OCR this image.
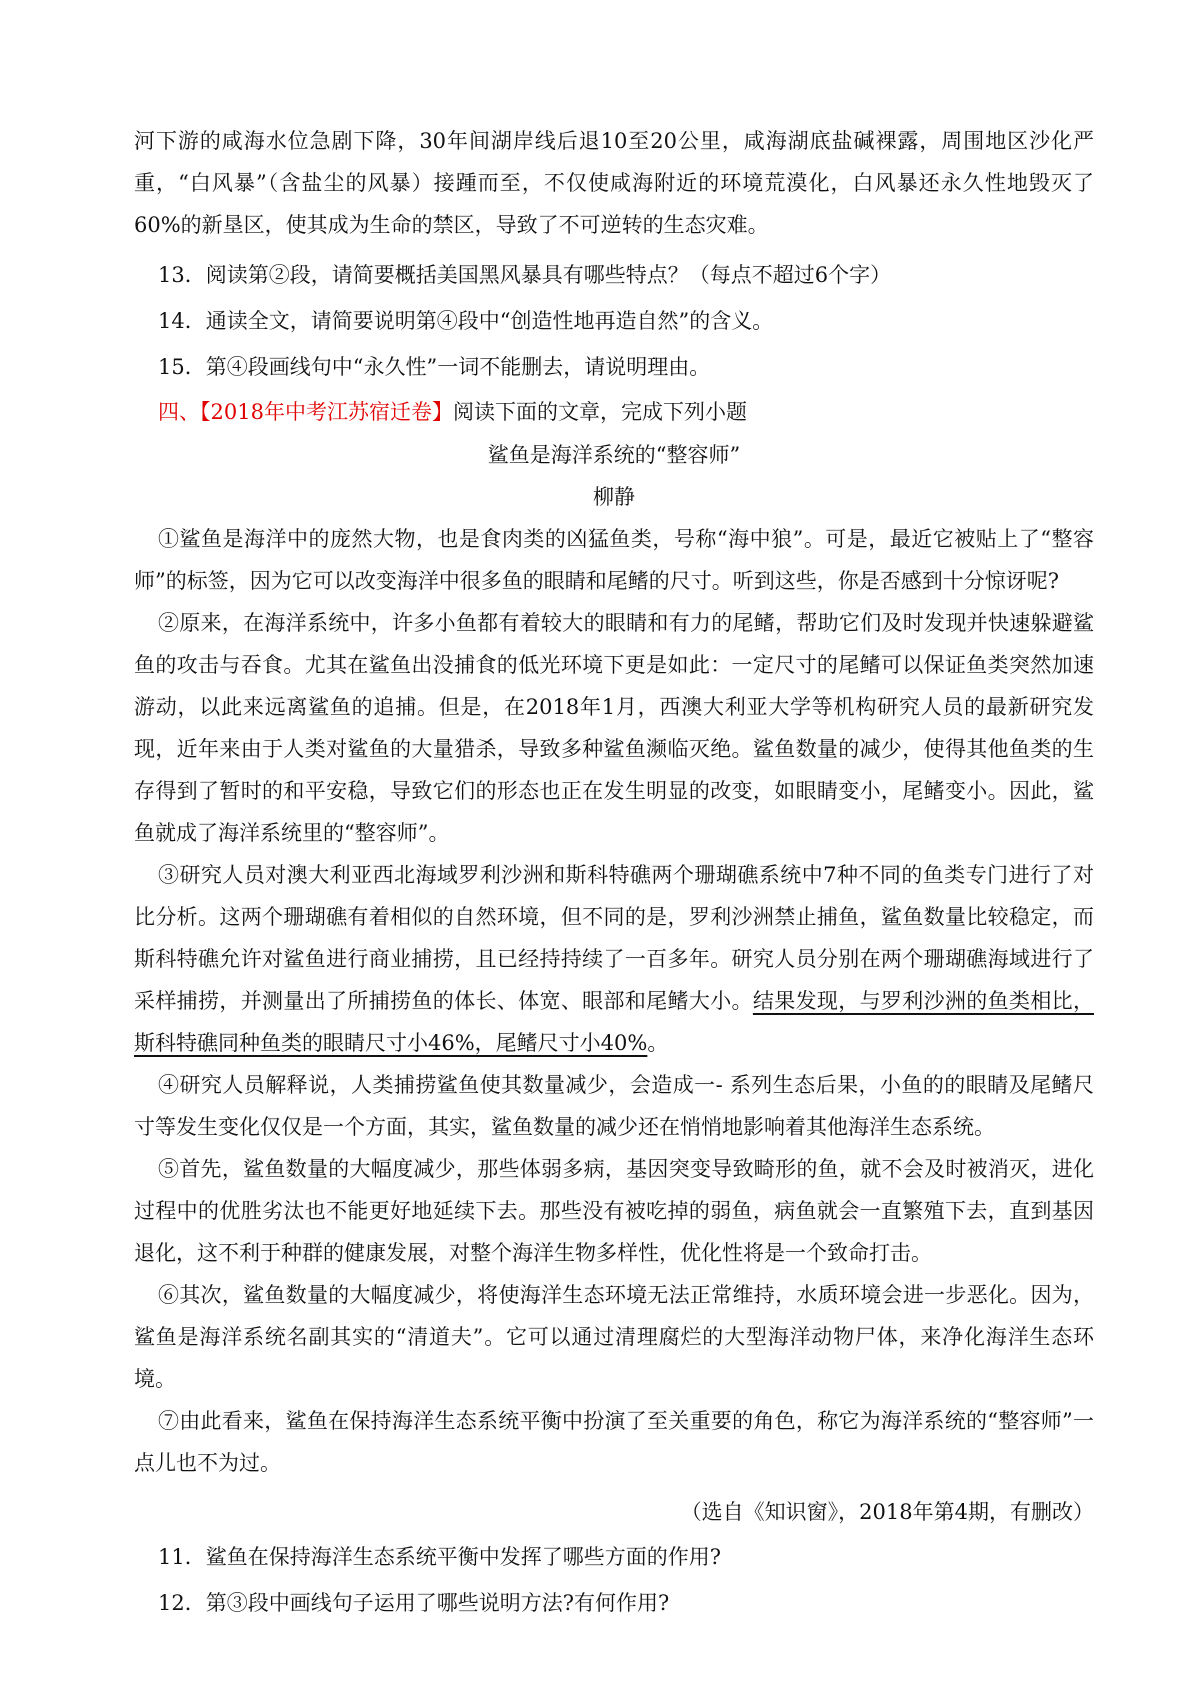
河下游的咸海水位急剧下降，30年间湖岸线后退10至20公里，咸海湖底盐碱裸露，周围地区沙化严重，“白风暴”（含盐尘的风暴）接踵而至，不仅使咸海附近的环境荒漠化，白风暴还永久性地毁灭了60%的新垦区，使其成为生命的禁区，导致了不可逆转的生态灾难。

13．阅读第②段，请简要概括美国黑风暴具有哪些特点？（每点不超过6个字）

14．通读全文，请简要说明第④段中“创造性地再造自然”的含义。

15．第④段画线句中“永久性”一词不能删去，请说明理由。

四、【2018年中考江苏宿迁卷】阅读下面的文章，完成下列小题

鲨鱼是海洋系统的“整容师”

柳静

①鲨鱼是海洋中的庞然大物，也是食肉类的凶猛鱼类，号称“海中狼”。可是，最近它被贴上了“整容师”的标签，因为它可以改变海洋中很多鱼的眼睛和尾鳍的尺寸。听到这些，你是否感到十分惊讶呢?

②原来，在海洋系统中，许多小鱼都有着较大的眼睛和有力的尾鳍，帮助它们及时发现并快速躲避鲨鱼的攻击与吞食。尤其在鲨鱼出没捕食的低光环境下更是如此：一定尺寸的尾鳍可以保证鱼类突然加速游动，以此来远离鲨鱼的追捕。但是，在2018年1月，西澳大利亚大学等机构研究人员的最新研究发现，近年来由于人类对鲨鱼的大量猎杀，导致多种鲨鱼濒临灭绝。鲨鱼数量的减少，使得其他鱼类的生存得到了暂时的和平安稳，导致它们的形态也正在发生明显的改变，如眼睛变小，尾鳍变小。因此，鲨鱼就成了海洋系统里的“整容师”。

③研究人员对澳大利亚西北海域罗利沙洲和斯科特礁两个珊瑚礁系统中7种不同的鱼类专门进行了对比分析。这两个珊瑚礁有着相似的自然环境，但不同的是，罗利沙洲禁止捕鱼，鲨鱼数量比较稳定，而斯科特礁允许对鲨鱼进行商业捕捞，且已经持持续了一百多年。研究人员分别在两个珊瑚礁海域进行了采样捕捞，并测量出了所捕捞鱼的体长、体宽、眼部和尾鳍大小。结果发现，与罗利沙洲的鱼类相比，斯科特礁同种鱼类的眼睛尺寸小46%，尾鳍尺寸小40%。

④研究人员解释说，人类捕捞鲨鱼使其数量减少，会造成一- 系列生态后果，小鱼的的眼睛及尾鳍尺寸等发生变化仅仅是一个方面，其实，鲨鱼数量的减少还在悄悄地影响着其他海洋生态系统。

⑤首先，鲨鱼数量的大幅度减少，那些体弱多病，基因突变导致畸形的鱼，就不会及时被消灭，进化过程中的优胜劣汰也不能更好地延续下去。那些没有被吃掉的弱鱼，病鱼就会一直繁殖下去，直到基因退化，这不利于种群的健康发展，对整个海洋生物多样性，优化性将是一个致命打击。

⑥其次，鲨鱼数量的大幅度减少，将使海洋生态环境无法正常维持，水质环境会进一步恶化。因为，鲨鱼是海洋系统名副其实的“清道夫”。它可以通过清理腐烂的大型海洋动物尸体，来净化海洋生态环境。

⑦由此看来，鲨鱼在保持海洋生态系统平衡中扮演了至关重要的角色，称它为海洋系统的“整容师”一点儿也不为过。

（选自《知识窗》，2018年第4期，有删改）

11．鲨鱼在保持海洋生态系统平衡中发挥了哪些方面的作用?

12．第③段中画线句子运用了哪些说明方法?有何作用?
